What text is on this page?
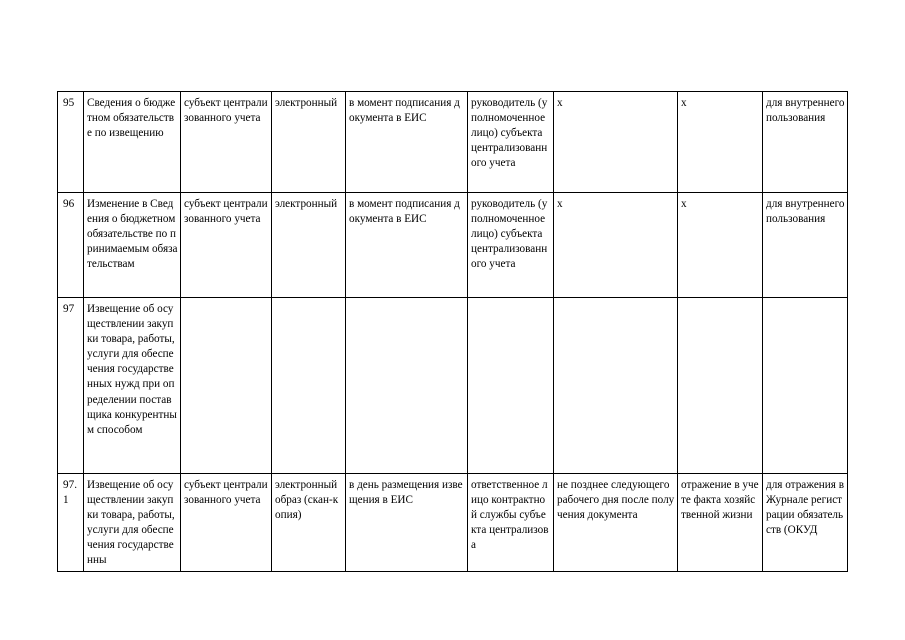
95	Сведения о бюджетном обязательстве по извещению	субъект централизованного учета	электронный	в момент подписания документа в ЕИС	руководитель (уполномоченное лицо) субъекта централизованного учета	х	х	для внутреннего пользования
96	Изменение в Сведения о бюджетном обязательстве по принимаемым обязательствам	субъект централизованного учета	электронный	в момент подписания документа в ЕИС	руководитель (уполномоченное лицо) субъекта централизованного учета	х	х	для внутреннего пользования
97	Извещение об осуществлении закупки товара, работы, услуги для обеспечения государственных нужд при определении поставщика конкурентным способом							
97.1	Извещение об осуществлении закупки товара, работы, услуги для обеспечения государственны	субъект централизованного учета	электронный образ (скан-копия)	в день размещения извещения в ЕИС	ответственное лицо контрактной службы субъекта централизова	не позднее следующего рабочего дня после получения документа	отражение в учете факта хозяйственной жизни	для отражения в Журнале регистрации обязательств (ОКУД
